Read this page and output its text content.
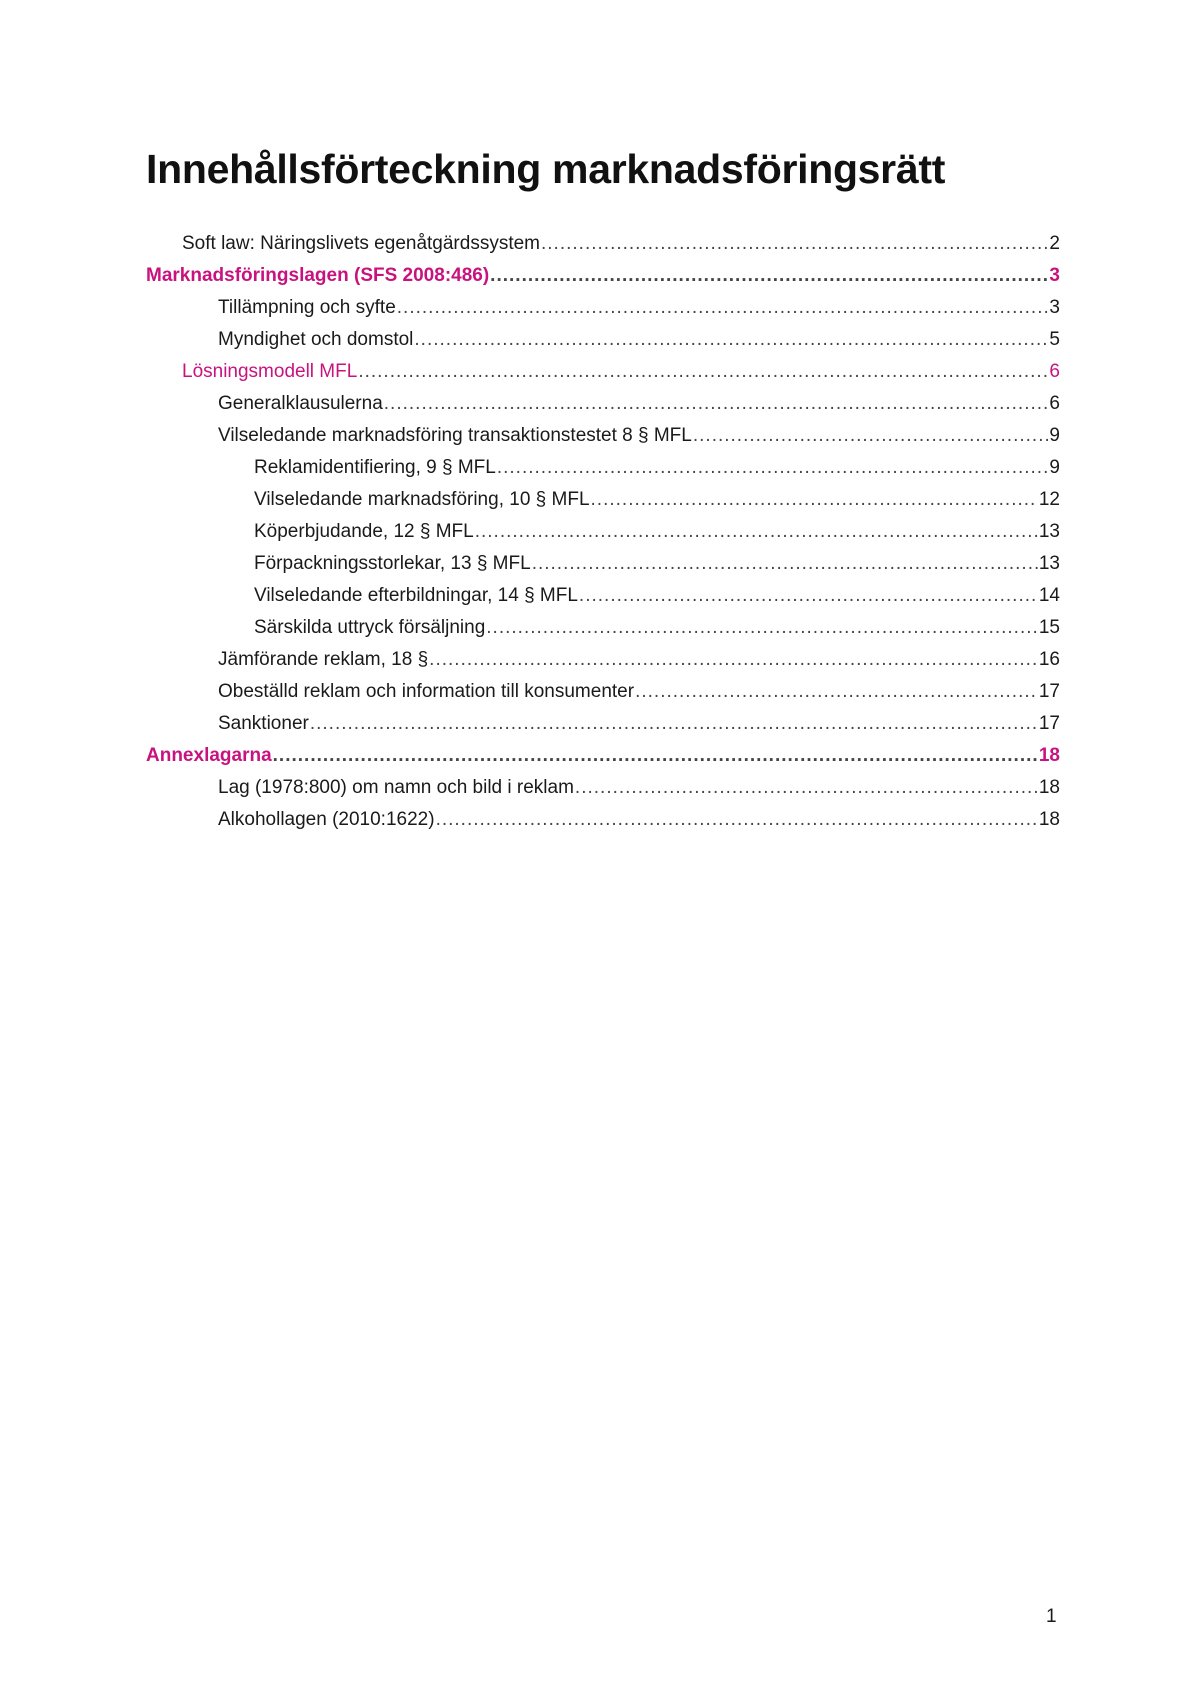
Innehållsförteckning marknadsföringsrätt
Soft law: Näringslivets egenåtgärdssystem .....	2
Marknadsföringslagen (SFS 2008:486) .....	3
Tillämpning och syfte .....	3
Myndighet och domstol .....	5
Lösningsmodell MFL .....	6
Generalklausulerna .....	6
Vilseledande marknadsföring transaktionstestet 8 § MFL .....	9
Reklamidentifiering, 9 § MFL .....	9
Vilseledande marknadsföring, 10 § MFL .....	12
Köperbjudande, 12 § MFL .....	13
Förpackningsstorlekar, 13 § MFL .....	13
Vilseledande efterbildningar, 14 § MFL .....	14
Särskilda uttryck försäljning .....	15
Jämförande reklam, 18 § .....	16
Obeställd reklam och information till konsumenter .....	17
Sanktioner .....	17
Annexlagarna .....	18
Lag (1978:800) om namn och bild i reklam .....	18
Alkohollagen (2010:1622) .....	18
1
